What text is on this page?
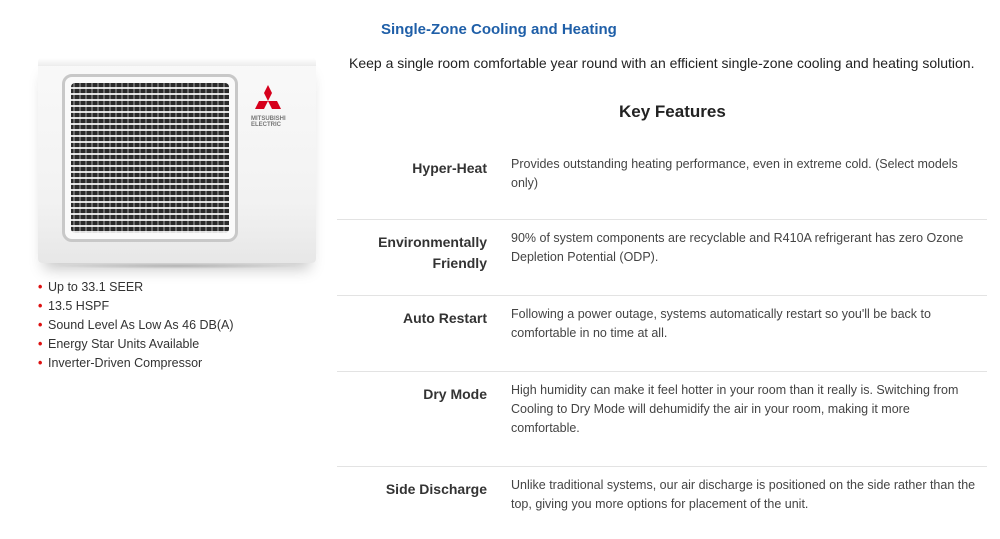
Single-Zone Cooling and Heating
Keep a single room comfortable year round with an efficient single-zone cooling and heating solution.
Key Features
MITSUBISHI ELECTRIC
• Up to 33.1 SEER
• 13.5 HSPF
• Sound Level As Low As 46 DB(A)
• Energy Star Units Available
• Inverter-Driven Compressor
Hyper-Heat Provides outstanding heating performance, even in extreme cold. (Select models only)
Environmentally Friendly
90% of system components are recyclable and R410A refrigerant has zero Ozone Depletion Potential (ODP).
Auto Restart Following a power outage, systems automatically restart so you'll be back to comfortable in no time at all.
Dry Mode High humidity can make it feel hotter in your room than it really is. Switching from Cooling to Dry Mode will dehumidify the air in your room, making it more comfortable.
Side Discharge Unlike traditional systems, our air discharge is positioned on the side rather than the top, giving you more options for placement of the unit.
